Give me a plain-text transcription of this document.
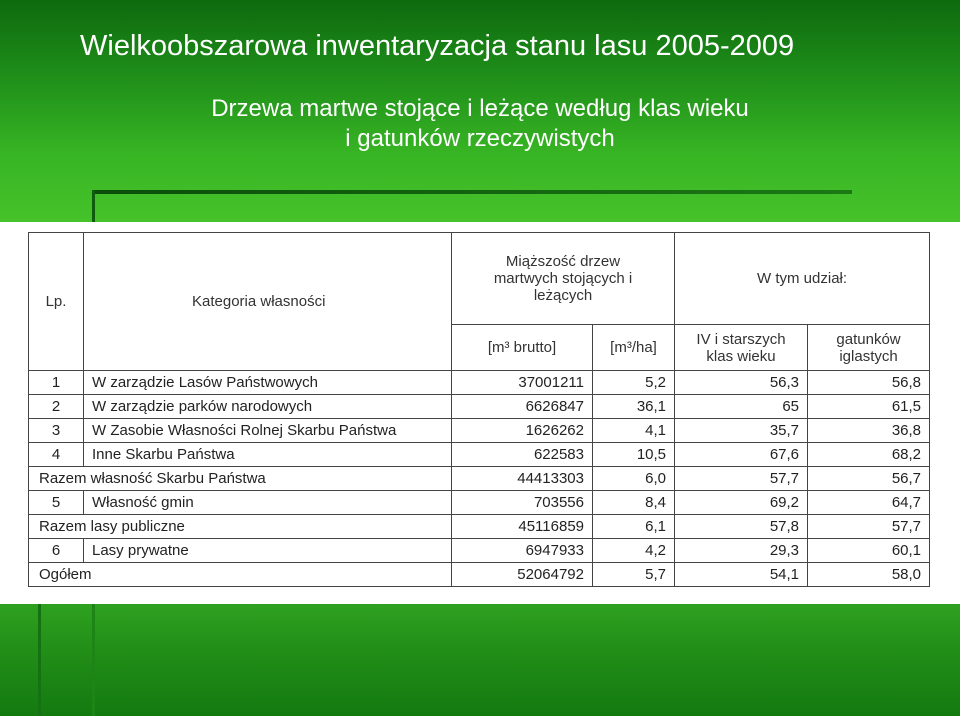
Wielkoobszarowa inwentaryzacja stanu lasu 2005-2009
Drzewa martwe stojące i leżące według klas wieku
i gatunków rzeczywistych
Lp.	Kategoria własności	Miąższość drzew martwych stojących i leżących		W tym udział:	
		[m³ brutto]	[m³/ha]	IV i starszych klas wieku	gatunków iglastych
1	W zarządzie Lasów Państwowych	37001211	5,2	56,3	56,8
2	W zarządzie parków narodowych	6626847	36,1	65	61,5
3	W Zasobie Własności Rolnej Skarbu Państwa	1626262	4,1	35,7	36,8
4	Inne Skarbu Państwa	622583	10,5	67,6	68,2
Razem własność Skarbu Państwa		44413303	6,0	57,7	56,7
5	Własność gmin	703556	8,4	69,2	64,7
Razem lasy publiczne		45116859	6,1	57,8	57,7
6	Lasy prywatne	6947933	4,2	29,3	60,1
Ogółem		52064792	5,7	54,1	58,0
